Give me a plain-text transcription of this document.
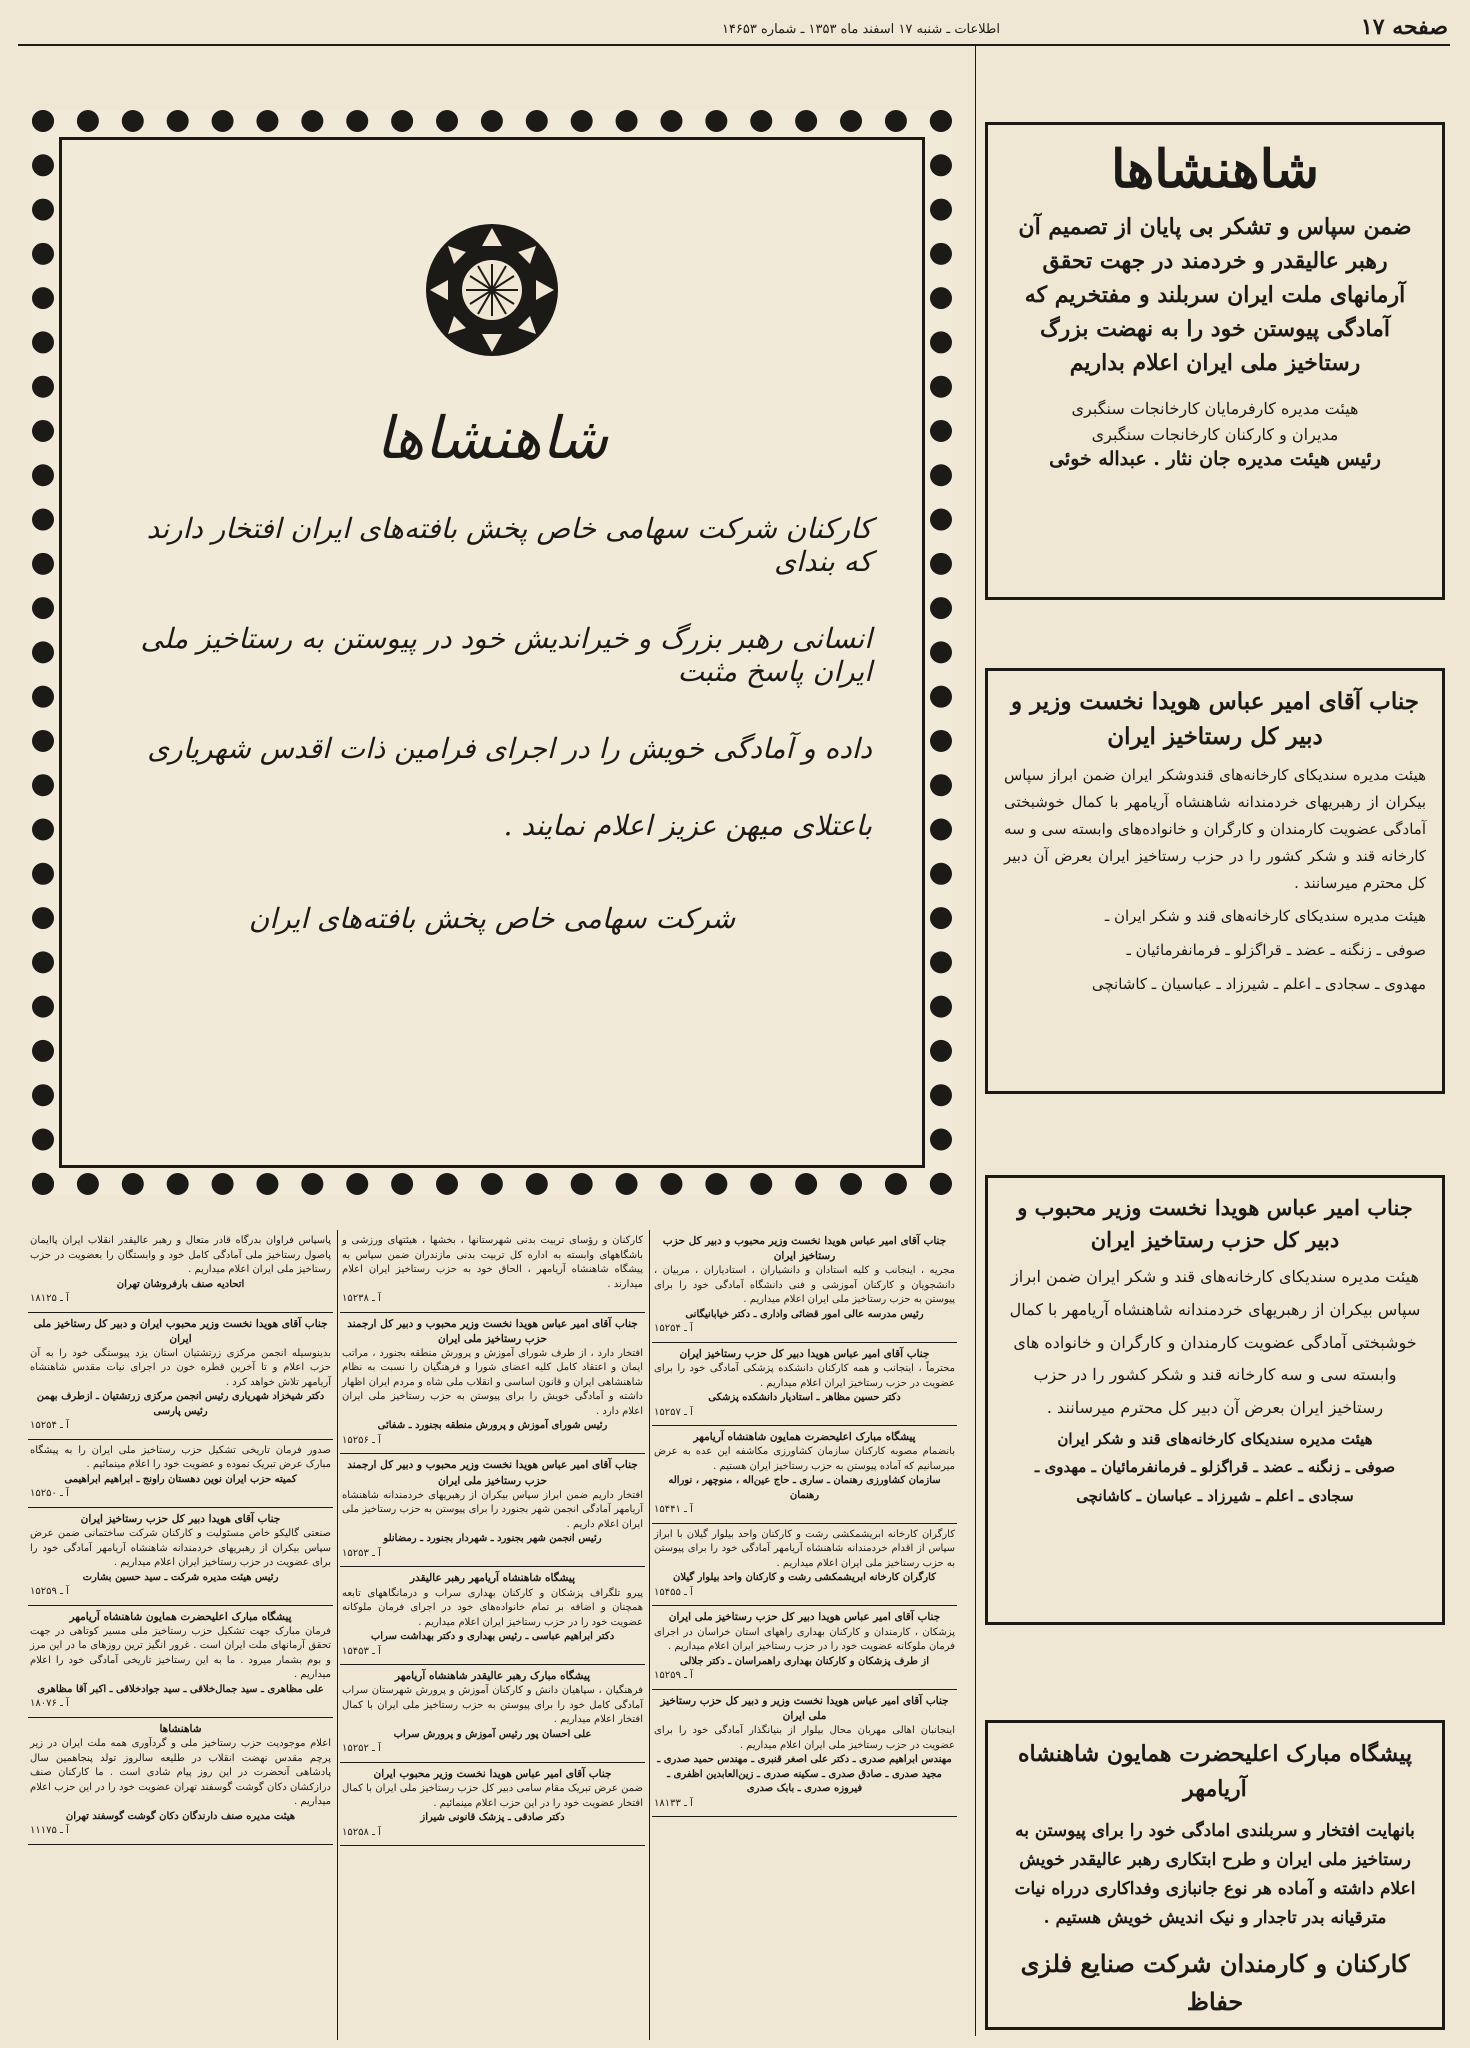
صفحه ۱۷
اطلاعات ـ شنبه ۱۷ اسفند ماه ۱۳۵۳ ـ شماره ۱۴۶۵۳
شاهنشاها
کارکنان شرکت سهامی خاص پخش بافته‌های ایران افتخار دارند که بندای
انسانی رهبر بزرگ و خیراندیش خود در پیوستن به رستاخیز ملی ایران پاسخ مثبت
داده و آمادگی خویش را در اجرای فرامین ذات اقدس شهریاری
باعتلای میهن عزیز اعلام نمایند .
شرکت سهامی خاص پخش بافته‌های ایران
شاهنشاها
ضمن سپاس و تشکر بی پایان از تصمیم آن رهبر عالیقدر و خردمند در جهت تحقق آرمانهای ملت ایران سربلند و مفتخریم که آمادگی پیوستن خود را به نهضت بزرگ رستاخیز ملی ایران اعلام بداریم
هیئت مدیره کارفرمایان کارخانجات سنگبری
مدیران و کارکنان کارخانجات سنگبری
رئیس هیئت مدیره جان نثار . عبداله خوئی
جناب آقای امیر عباس هویدا نخست وزیر و دبیر کل رستاخیز ایران
هیئت مدیره سندیکای کارخانه‌های قندوشکر ایران ضمن ابراز سپاس بیکران از رهبریهای خردمندانه شاهنشاه آریامهر با کمال خوشبختی آمادگی عضویت کارمندان و کارگران و خانواده‌های وابسته سی و سه کارخانه قند و شکر کشور را در حزب رستاخیز ایران بعرض آن دبیر کل محترم میرسانند .
هیئت مدیره سندیکای کارخانه‌های قند و شکر ایران ـ
صوفی ـ زنگنه ـ عضد ـ قراگزلو ـ فرمانفرمائیان ـ
مهدوی ـ سجادی ـ اعلم ـ شیرزاد ـ عباسیان ـ کاشانچی
جناب امیر عباس هویدا نخست وزیر محبوب و دبیر کل حزب رستاخیز ایران
هیئت مدیره سندیکای کارخانه‌های قند و شکر ایران ضمن ابراز سپاس بیکران از رهبریهای خردمندانه شاهنشاه آریامهر با کمال خوشبختی آمادگی عضویت کارمندان و کارگران و خانواده های وابسته سی و سه کارخانه قند و شکر کشور را در حزب رستاخیز ایران بعرض آن دبیر کل محترم میرسانند .
هیئت مدیره سندیکای کارخانه‌های قند و شکر ایران
صوفی ـ زنگنه ـ عضد ـ قراگزلو ـ فرمانفرمائیان ـ مهدوی ـ
سجادی ـ اعلم ـ شیرزاد ـ عباسان ـ کاشانچی
پیشگاه مبارک اعلیحضرت همایون شاهنشاه آریامهر
بانهایت افتخار و سربلندی امادگی خود را برای پیوستن به رستاخیز ملی ایران و طرح ابتکاری رهبر عالیقدر خویش اعلام داشته و آماده هر نوع جانبازی وفداکاری درراه نیات مترقیانه بدر تاجدار و نیک اندیش خویش هستیم .
کارکنان و کارمندان شرکت صنایع فلزی حفاظ
جناب آقای امیر عباس هویدا نخست وزیر محبوب و دبیر کل حزب رستاخیز ایران
مجریه ، اینجانب و کلیه استادان و دانشیاران ، استادیاران ، مربیان ، دانشجویان و کارکنان آموزشی و فنی دانشگاه آمادگی خود را برای پیوستن به حزب رستاخیز ملی ایران اعلام میداریم .
رئیس مدرسه عالی امور قضائی واداری ـ دکتر خیابانیگانی
آ ـ ۱۵۲۵۴
جناب آقای امیر عباس هویدا دبیر کل حزب رستاخیز ایران
محترماً ، اینجانب و همه کارکنان دانشکده پزشکی آمادگی خود را برای عضویت در حزب رستاخیز ایران اعلام میداریم .
دکتر حسین مظاهر ـ استادیار دانشکده پزشکی
آ ـ ۱۵۲۵۷
پیشگاه مبارک اعلیحضرت همایون شاهنشاه آریامهر
بانضمام مصوبه کارکنان سازمان کشاورزی مکاشفه این عده به عرض میرسانیم که آماده پیوستن به حزب رستاخیز ایران هستیم .
سازمان کشاورزی رهنمان ـ ساری ـ حاج عین‌اله ، منوچهر ، نوراله رهنمان
آ ـ ۱۵۴۴۱
کارگران کارخانه ابریشمکشی رشت و کارکنان واحد بیلوار گیلان با ابراز سپاس از اقدام خردمندانه شاهنشاه آریامهر آمادگی خود را برای پیوستن به حزب رستاخیز ملی ایران اعلام میداریم .
کارگران کارخانه ابریشمکشی رشت و کارکنان واحد بیلوار گیلان
آ ـ ۱۵۴۵۵
جناب آقای امیر عباس هویدا دبیر کل حزب رستاخیز ملی ایران
پزشکان ، کارمندان و کارکنان بهداری راههای استان خراسان در اجرای فرمان ملوکانه عضویت خود را در حزب رستاخیز ایران اعلام میداریم .
از طرف پزشکان و کارکنان بهداری راهمراسان ـ دکتر جلالی
آ ـ ۱۵۲۵۹
جناب آقای امیر عباس هویدا نخست وزیر و دبیر کل حزب رستاخیز ملی ایران
اینجانبان اهالی مهربان محال بیلوار از بنیانگذار آمادگی خود را برای عضویت در حزب رستاخیز ملی ایران اعلام میداریم .
مهندس ابراهیم صدری ـ دکتر علی اصغر قنبری ـ مهندس حمید صدری ـ مجید صدری ـ صادق صدری ـ سکینه صدری ـ زین‌العابدین اظفری ـ فیروزه صدری ـ بابک صدری
آ ـ ۱۸۱۳۳
کارکنان و رؤسای تربیت بدنی شهرستانها ، بخشها ، هیئتهای ورزشی و باشگاههای وابسته به اداره کل تربیت بدنی مازندران ضمن سپاس به پیشگاه شاهنشاه آریامهر ، الحاق خود به حزب رستاخیز ایران اعلام میدارند .
آ ـ ۱۵۲۳۸
جناب آقای امیر عباس هویدا نخست وزیر محبوب و دبیر کل ارجمند حزب رستاخیز ملی ایران
افتخار دارد ، از طرف شورای آموزش و پرورش منطقه بجنورد ، مراتب ایمان و اعتقاد کامل کلیه اعضای شورا و فرهنگیان را نسبت به نظام شاهنشاهی ایران و قانون اساسی و انقلاب ملی شاه و مردم ایران اظهار داشته و آمادگی خویش را برای پیوستن به حزب رستاخیز ملی ایران اعلام دارد .
رئیس شورای آموزش و پرورش منطقه بجنورد ـ شفائی
آ ـ ۱۵۲۵۶
جناب آقای امیر عباس هویدا نخست وزیر محبوب و دبیر کل ارجمند حزب رستاخیز ملی ایران
افتخار داریم ضمن ابراز سپاس بیکران از رهبریهای خردمندانه شاهنشاه آریامهر آمادگی انجمن شهر بجنورد را برای پیوستن به حزب رستاخیز ملی ایران اعلام داریم .
رئیس انجمن شهر بجنورد ـ شهردار بجنورد ـ رمضانلو
آ ـ ۱۵۲۵۳
پیشگاه شاهنشاه آریامهر رهبر عالیقدر
پیرو تلگراف پزشکان و کارکنان بهداری سراب و درمانگاههای تابعه همچنان و اضافه بر تمام خانواده‌های خود در اجرای فرمان ملوکانه عضویت خود را در حزب رستاخیز ایران اعلام میداریم .
دکتر ابراهیم عباسی ـ رئیس بهداری و دکتر بهداشت سراب
آ ـ ۱۵۴۵۳
پیشگاه مبارک رهبر عالیقدر شاهنشاه آریامهر
فرهنگیان ، سپاهیان دانش و کارکنان آموزش و پرورش شهرستان سراب آمادگی کامل خود را برای پیوستن به حزب رستاخیز ملی ایران با کمال افتخار اعلام میداریم .
علی احسان پور رئیس آموزش و پرورش سراب
آ ـ ۱۵۲۵۲
جناب آقای امیر عباس هویدا نخست وزیر محبوب ایران
ضمن عرض تبریک مقام سامی دبیر کل حزب رستاخیز ملی ایران با کمال افتخار عضویت خود را در این حزب اعلام مینمائیم .
دکتر صادقی ـ پزشک قانونی شیراز
آ ـ ۱۵۲۵۸
پاسپاس فراوان بدرگاه قادر متعال و رهبر عالیقدر انقلاب ایران پاایمان پاصول رستاخیز ملی آمادگی کامل خود و وابستگان را بعضویت در حزب رستاخیز ملی ایران اعلام میداریم .
اتحادیه صنف بارفروشان تهران
آ ـ ۱۸۱۲۵
جناب آقای هویدا نخست وزیر محبوب ایران و دبیر کل رستاخیز ملی ایران
بدینوسیله انجمن مرکزی زرتشتیان استان یزد پیوستگی خود را به آن حزب اعلام و تا آخرین قطره خون در اجرای نیات مقدس شاهنشاه آریامهر تلاش خواهد کرد .
دکتر شیخزاد شهریاری رئیس انجمن مرکزی زرتشتیان ـ ازطرف بهمن رئیس پارسی
آ ـ ۱۵۲۵۴
صدور فرمان تاریخی تشکیل حزب رستاخیز ملی ایران را به پیشگاه مبارک عرض تبریک نموده و عضویت خود را اعلام مینمائیم .
کمیته حزب ایران نوین دهستان راونج ـ ابراهیم ابراهیمی
آ ـ ۱۵۲۵۰
جناب آقای هویدا دبیر کل حزب رستاخیز ایران
صنعتی گالیکو خاص مسئولیت و کارکنان شرکت ساختمانی ضمن عرض سپاس بیکران از رهبریهای خردمندانه شاهنشاه آریامهر آمادگی خود را برای عضویت در حزب رستاخیز ایران اعلام میداریم .
رئیس هیئت مدیره شرکت ـ سید حسین بشارت
آ ـ ۱۵۲۵۹
پیشگاه مبارک اعلیحضرت همایون شاهنشاه آریامهر
فرمان مبارک جهت تشکیل حزب رستاخیز ملی مسیر کوتاهی در جهت تحقق آرمانهای ملت ایران است . غرور انگیز ترین روزهای ما در این مرز و بوم بشمار میرود . ما به این رستاخیز تاریخی آمادگی خود را اعلام میداریم .
علی مظاهری ـ سید جمال‌خلاقی ـ سید جوادخلاقی ـ اکبر آقا مظاهری
آ ـ ۱۸۰۷۶
شاهنشاها
اعلام موجودیت حزب رستاخیز ملی و گردآوری همه ملت ایران در زیر پرچم مقدس نهضت انقلاب در طلیعه سالروز تولد پنجاهمین سال پادشاهی آنحضرت در این روز پیام شادی است . ما کارکنان صنف درازکشان دکان گوشت گوسفند تهران عضویت خود را در این حزب اعلام میداریم .
هیئت مدیره صنف دارندگان دکان گوشت گوسفند تهران
آ ـ ۱۱۱۷۵
